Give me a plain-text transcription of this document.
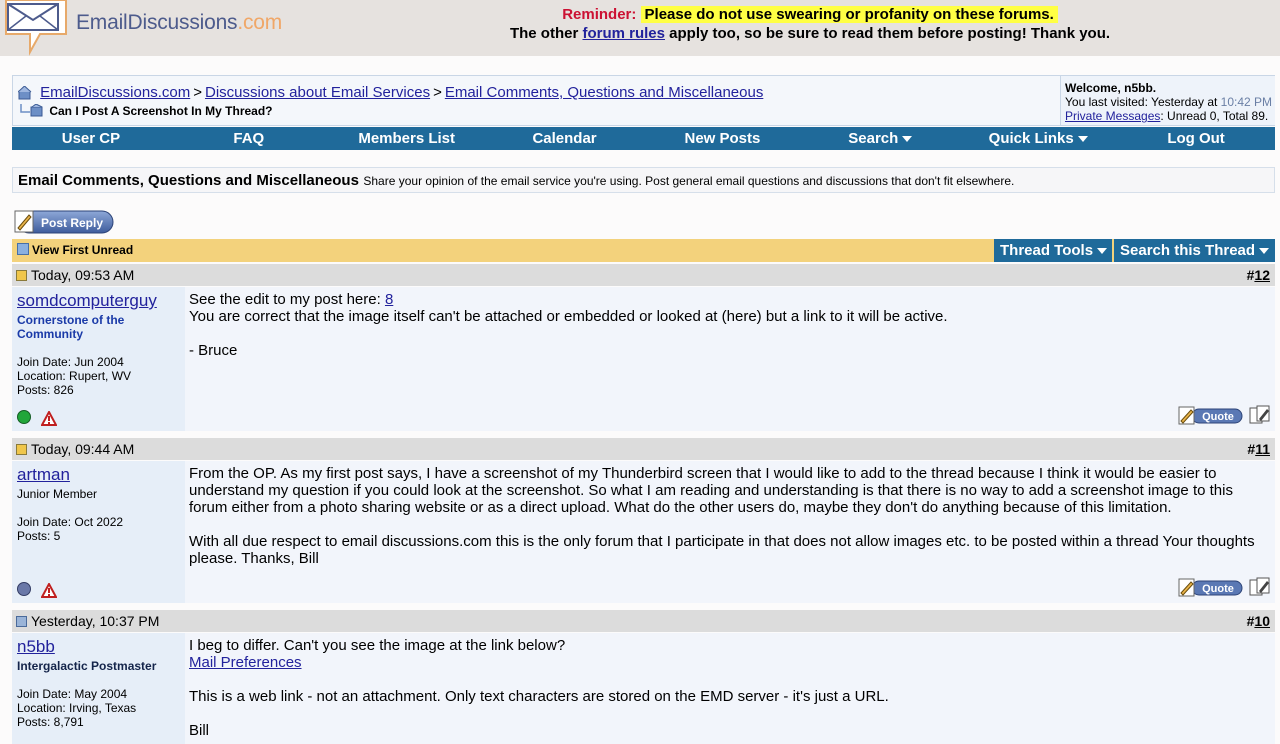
EmailDiscussions.com	Reminder: Please do not use swearing or profanity on these forums.
The other forum rules apply too, so be sure to read them before posting! Thank you.
EmailDiscussions.com > Discussions about Email Services > Email Comments, Questions and Miscellaneous
Can I Post A Screenshot In My Thread?
Welcome, n5bb.
You last visited: Yesterday at 10:42 PM
Private Messages: Unread 0, Total 89.
User CP	FAQ	Members List	Calendar	New Posts	Search	Quick Links	Log Out
Email Comments, Questions and Miscellaneous Share your opinion of the email service you're using. Post general email questions and discussions that don't fit elsewhere.
Post Reply
View First Unread	Thread Tools	Search this Thread
Today, 09:53 AM	#12
somdcomputerguy
Cornerstone of the Community
Join Date: Jun 2004
Location: Rupert, WV
Posts: 826

See the edit to my post here: 8

You are correct that the image itself can't be attached or embedded or looked at (here) but a link to it will be active.

- Bruce

Quote
Today, 09:44 AM	#11
artman
Junior Member
Join Date: Oct 2022
Posts: 5

From the OP. As my first post says, I have a screenshot of my Thunderbird screen that I would like to add to the thread because I think it would be easier to understand my question if you could look at the screenshot. So what I am reading and understanding is that there is no way to add a screenshot image to this forum either from a photo sharing website or as a direct upload. What do the other users do, maybe they don't do anything because of this limitation.

With all due respect to email discussions.com this is the only forum that I participate in that does not allow images etc. to be posted within a thread Your thoughts please. Thanks, Bill

Quote
Yesterday, 10:37 PM	#10
n5bb
Intergalactic Postmaster
Join Date: May 2004
Location: Irving, Texas
Posts: 8,791

I beg to differ. Can't you see the image at the link below?

Mail Preferences

This is a web link - not an attachment. Only text characters are stored on the EMD server - it's just a URL.

Bill
